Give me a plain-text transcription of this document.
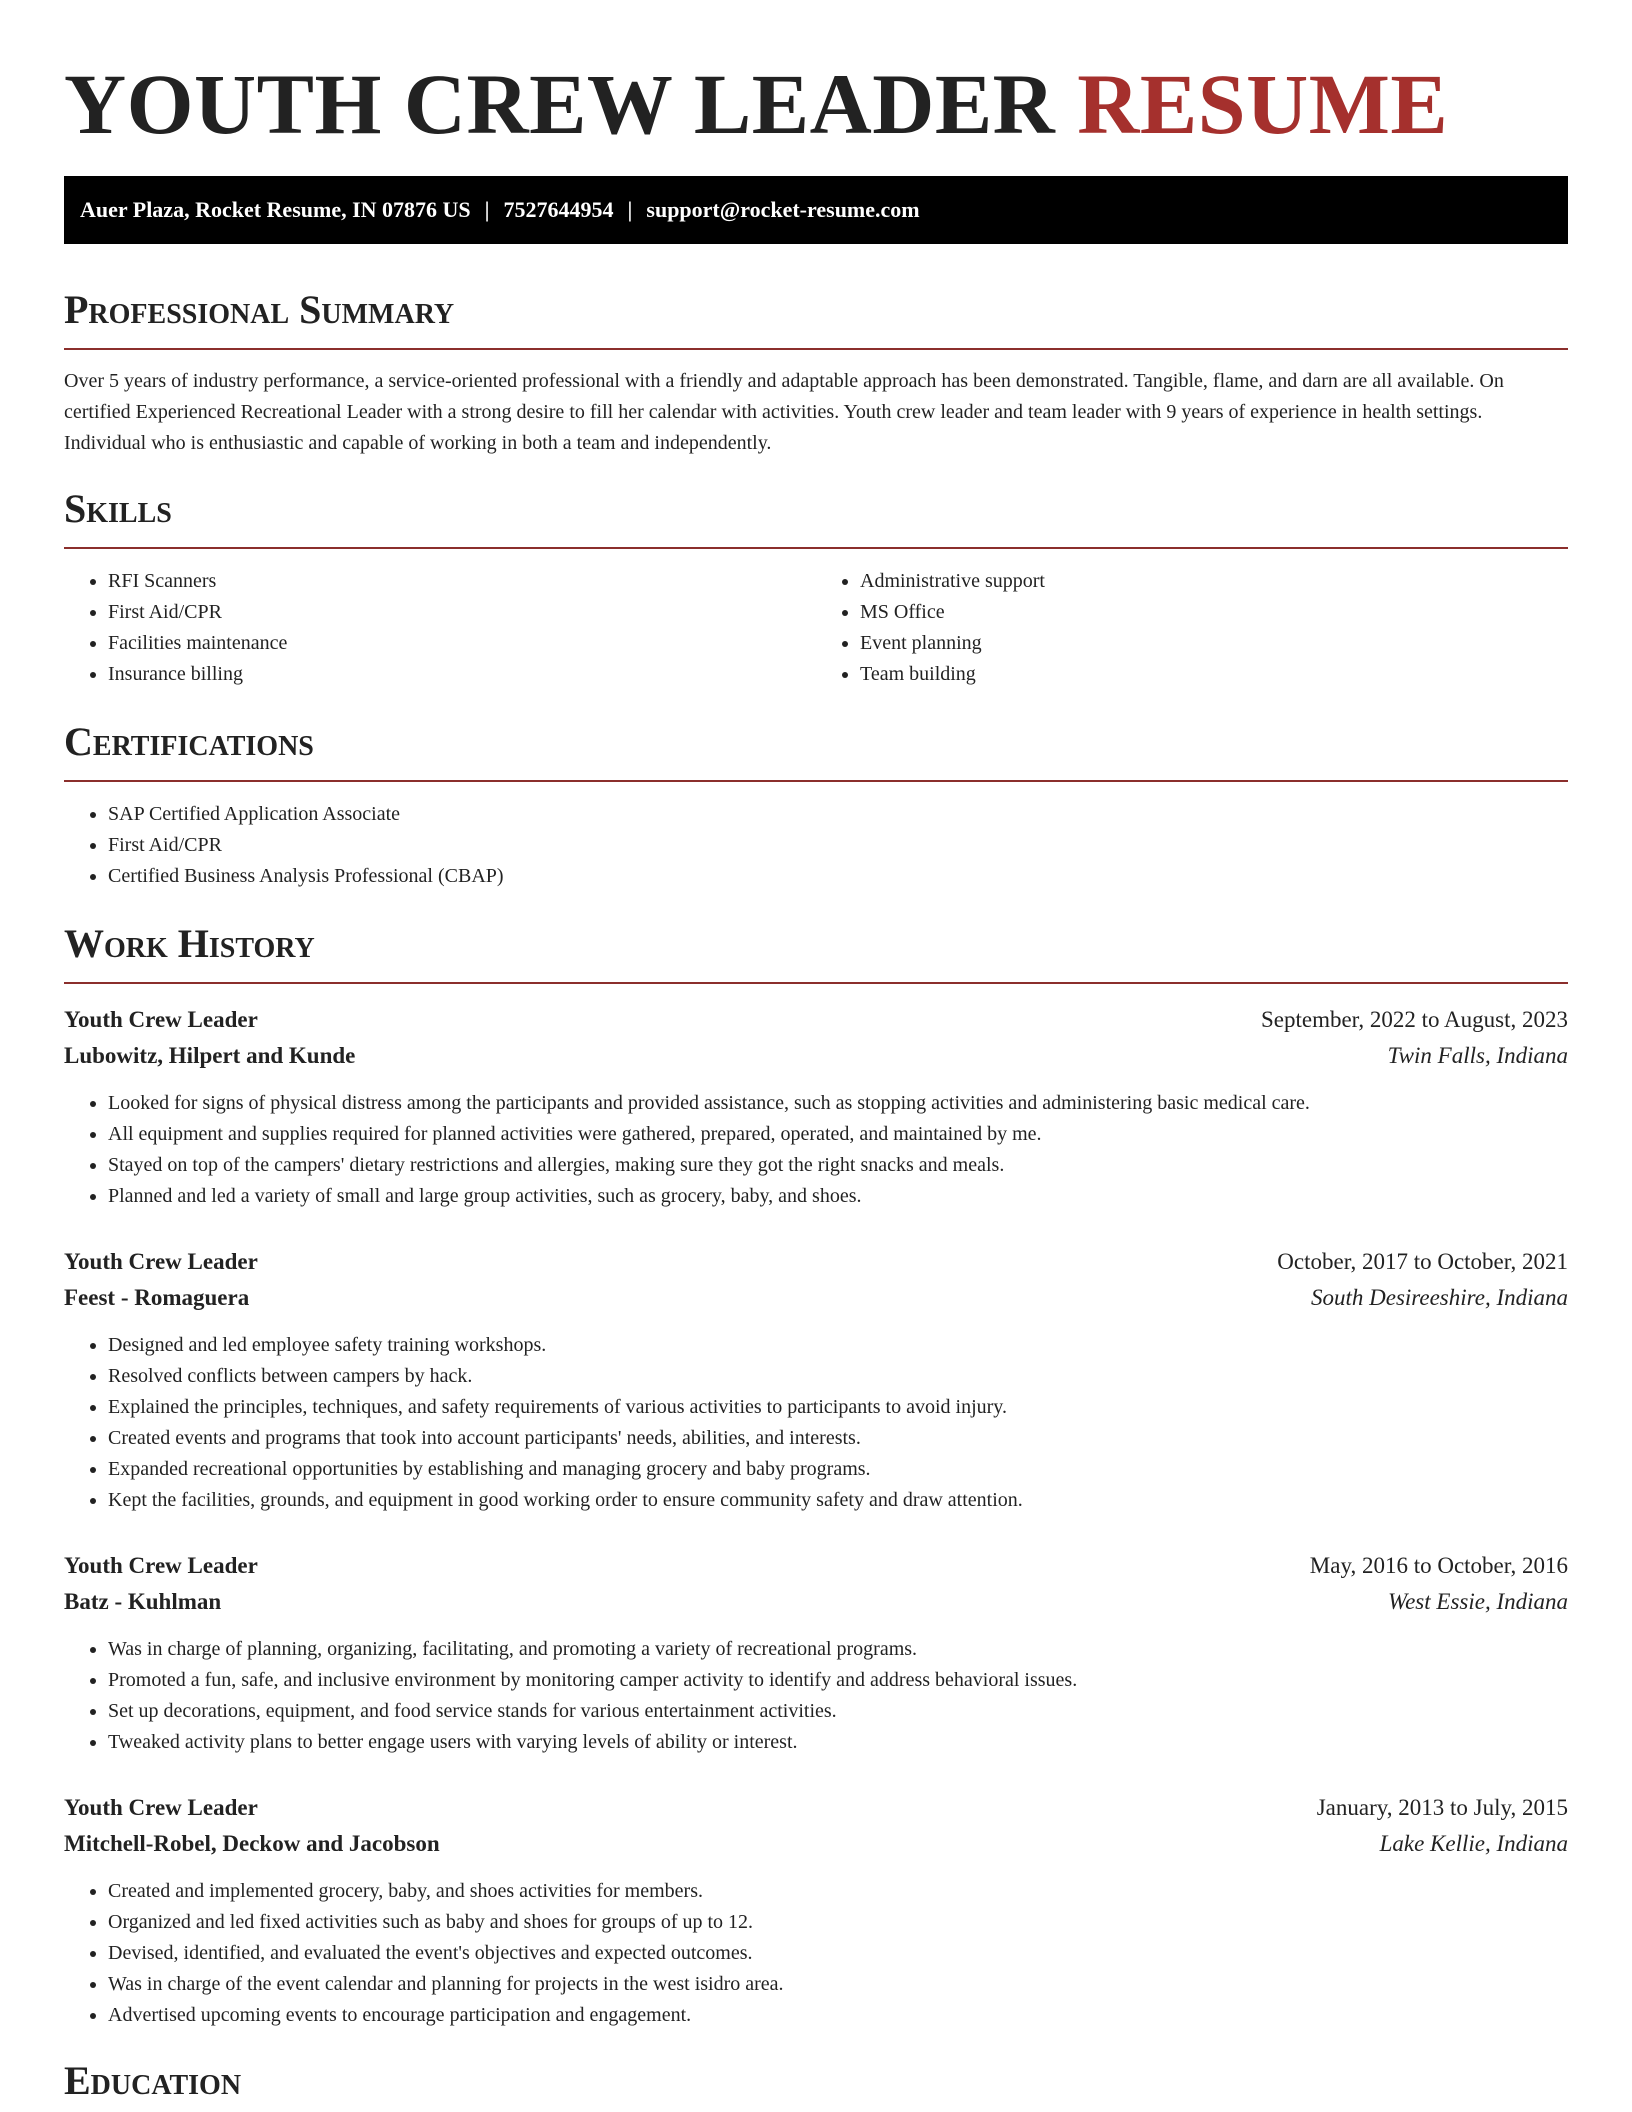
YOUTH CREW LEADER RESUME
Auer Plaza, Rocket Resume, IN 07876 US | 7527644954 | support@rocket-resume.com
Professional Summary

Over 5 years of industry performance, a service-oriented professional with a friendly and adaptable approach has been demonstrated. Tangible, flame, and darn are all available. On certified Experienced Recreational Leader with a strong desire to fill her calendar with activities. Youth crew leader and team leader with 9 years of experience in health settings. Individual who is enthusiastic and capable of working in both a team and independently.

Skills
• RFI Scanners
• First Aid/CPR
• Facilities maintenance
• Insurance billing
• Administrative support
• MS Office
• Event planning
• Team building
Certifications
• SAP Certified Application Associate
• First Aid/CPR
• Certified Business Analysis Professional (CBAP)
Work History
Youth Crew Leader	September, 2022 to August, 2023
Lubowitz, Hilpert and Kunde	Twin Falls, Indiana
• Looked for signs of physical distress among the participants and provided assistance, such as stopping activities and administering basic medical care.
• All equipment and supplies required for planned activities were gathered, prepared, operated, and maintained by me.
• Stayed on top of the campers' dietary restrictions and allergies, making sure they got the right snacks and meals.
• Planned and led a variety of small and large group activities, such as grocery, baby, and shoes.
Youth Crew Leader	October, 2017 to October, 2021
Feest - Romaguera	South Desireeshire, Indiana
• Designed and led employee safety training workshops.
• Resolved conflicts between campers by hack.
• Explained the principles, techniques, and safety requirements of various activities to participants to avoid injury.
• Created events and programs that took into account participants' needs, abilities, and interests.
• Expanded recreational opportunities by establishing and managing grocery and baby programs.
• Kept the facilities, grounds, and equipment in good working order to ensure community safety and draw attention.
Youth Crew Leader	May, 2016 to October, 2016
Batz - Kuhlman	West Essie, Indiana
• Was in charge of planning, organizing, facilitating, and promoting a variety of recreational programs.
• Promoted a fun, safe, and inclusive environment by monitoring camper activity to identify and address behavioral issues.
• Set up decorations, equipment, and food service stands for various entertainment activities.
• Tweaked activity plans to better engage users with varying levels of ability or interest.
Youth Crew Leader	January, 2013 to July, 2015
Mitchell-Robel, Deckow and Jacobson	Lake Kellie, Indiana
• Created and implemented grocery, baby, and shoes activities for members.
• Organized and led fixed activities such as baby and shoes for groups of up to 12.
• Devised, identified, and evaluated the event's objectives and expected outcomes.
• Was in charge of the event calendar and planning for projects in the west isidro area.
• Advertised upcoming events to encourage participation and engagement.
Education
